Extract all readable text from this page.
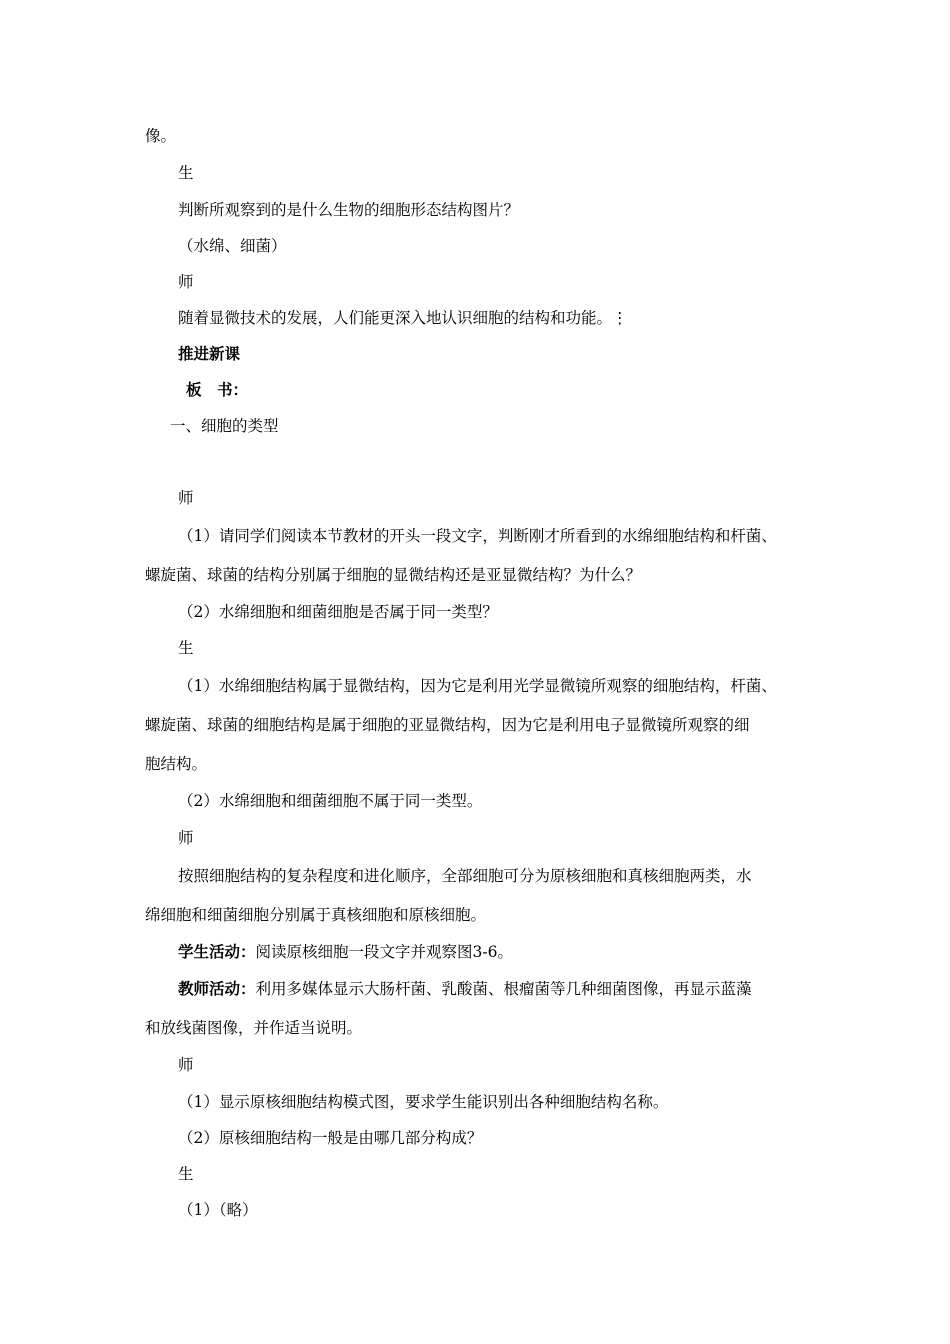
像。
生
判断所观察到的是什么生物的细胞形态结构图片？
（水绵、细菌）
师
随着显微技术的发展，人们能更深入地认识细胞的结构和功能。⋮
推进新课
板　书：
一、细胞的类型
师
（1）请同学们阅读本节教材的开头一段文字，判断刚才所看到的水绵细胞结构和杆菌、
螺旋菌、球菌的结构分别属于细胞的显微结构还是亚显微结构？为什么？
（2）水绵细胞和细菌细胞是否属于同一类型？
生
（1）水绵细胞结构属于显微结构，因为它是利用光学显微镜所观察的细胞结构，杆菌、
螺旋菌、球菌的细胞结构是属于细胞的亚显微结构，因为它是利用电子显微镜所观察的细
胞结构。
（2）水绵细胞和细菌细胞不属于同一类型。
师
按照细胞结构的复杂程度和进化顺序，全部细胞可分为原核细胞和真核细胞两类，水
绵细胞和细菌细胞分别属于真核细胞和原核细胞。
学生活动：阅读原核细胞一段文字并观察图3-6。
教师活动：利用多媒体显示大肠杆菌、乳酸菌、根瘤菌等几种细菌图像，再显示蓝藻
和放线菌图像，并作适当说明。
师
（1）显示原核细胞结构模式图，要求学生能识别出各种细胞结构名称。
（2）原核细胞结构一般是由哪几部分构成？
生
（1）（略）
